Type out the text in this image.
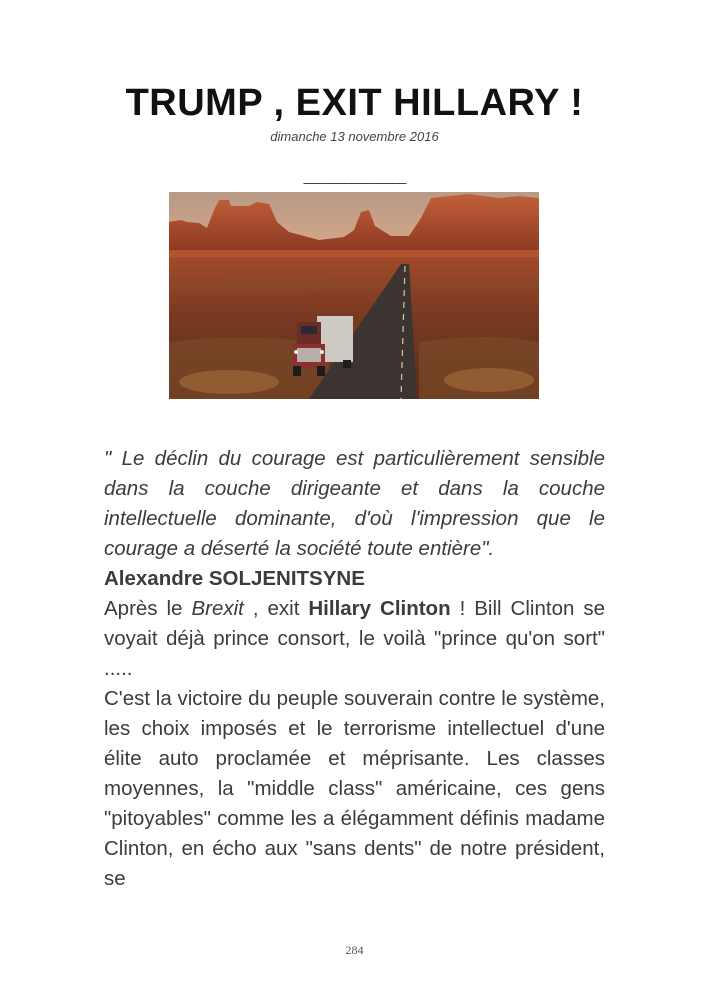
TRUMP , EXIT HILLARY !
dimanche 13 novembre 2016
_______________

" Le déclin du courage est particulièrement sensible dans la couche dirigeante et dans la couche intellectuelle dominante, d'où l'impression que le courage a déserté la société toute entière".

Alexandre SOLJENITSYNE

Après le Brexit , exit Hillary Clinton ! Bill Clinton se voyait déjà prince consort, le voilà "prince qu'on sort" .....

C'est la victoire du peuple souverain contre le système, les choix imposés et le terrorisme intellectuel d'une élite auto proclamée et méprisante. Les classes moyennes, la "middle class" américaine, ces gens "pitoyables" comme les a élégamment définis madame Clinton, en écho aux "sans dents" de notre président, se

284
